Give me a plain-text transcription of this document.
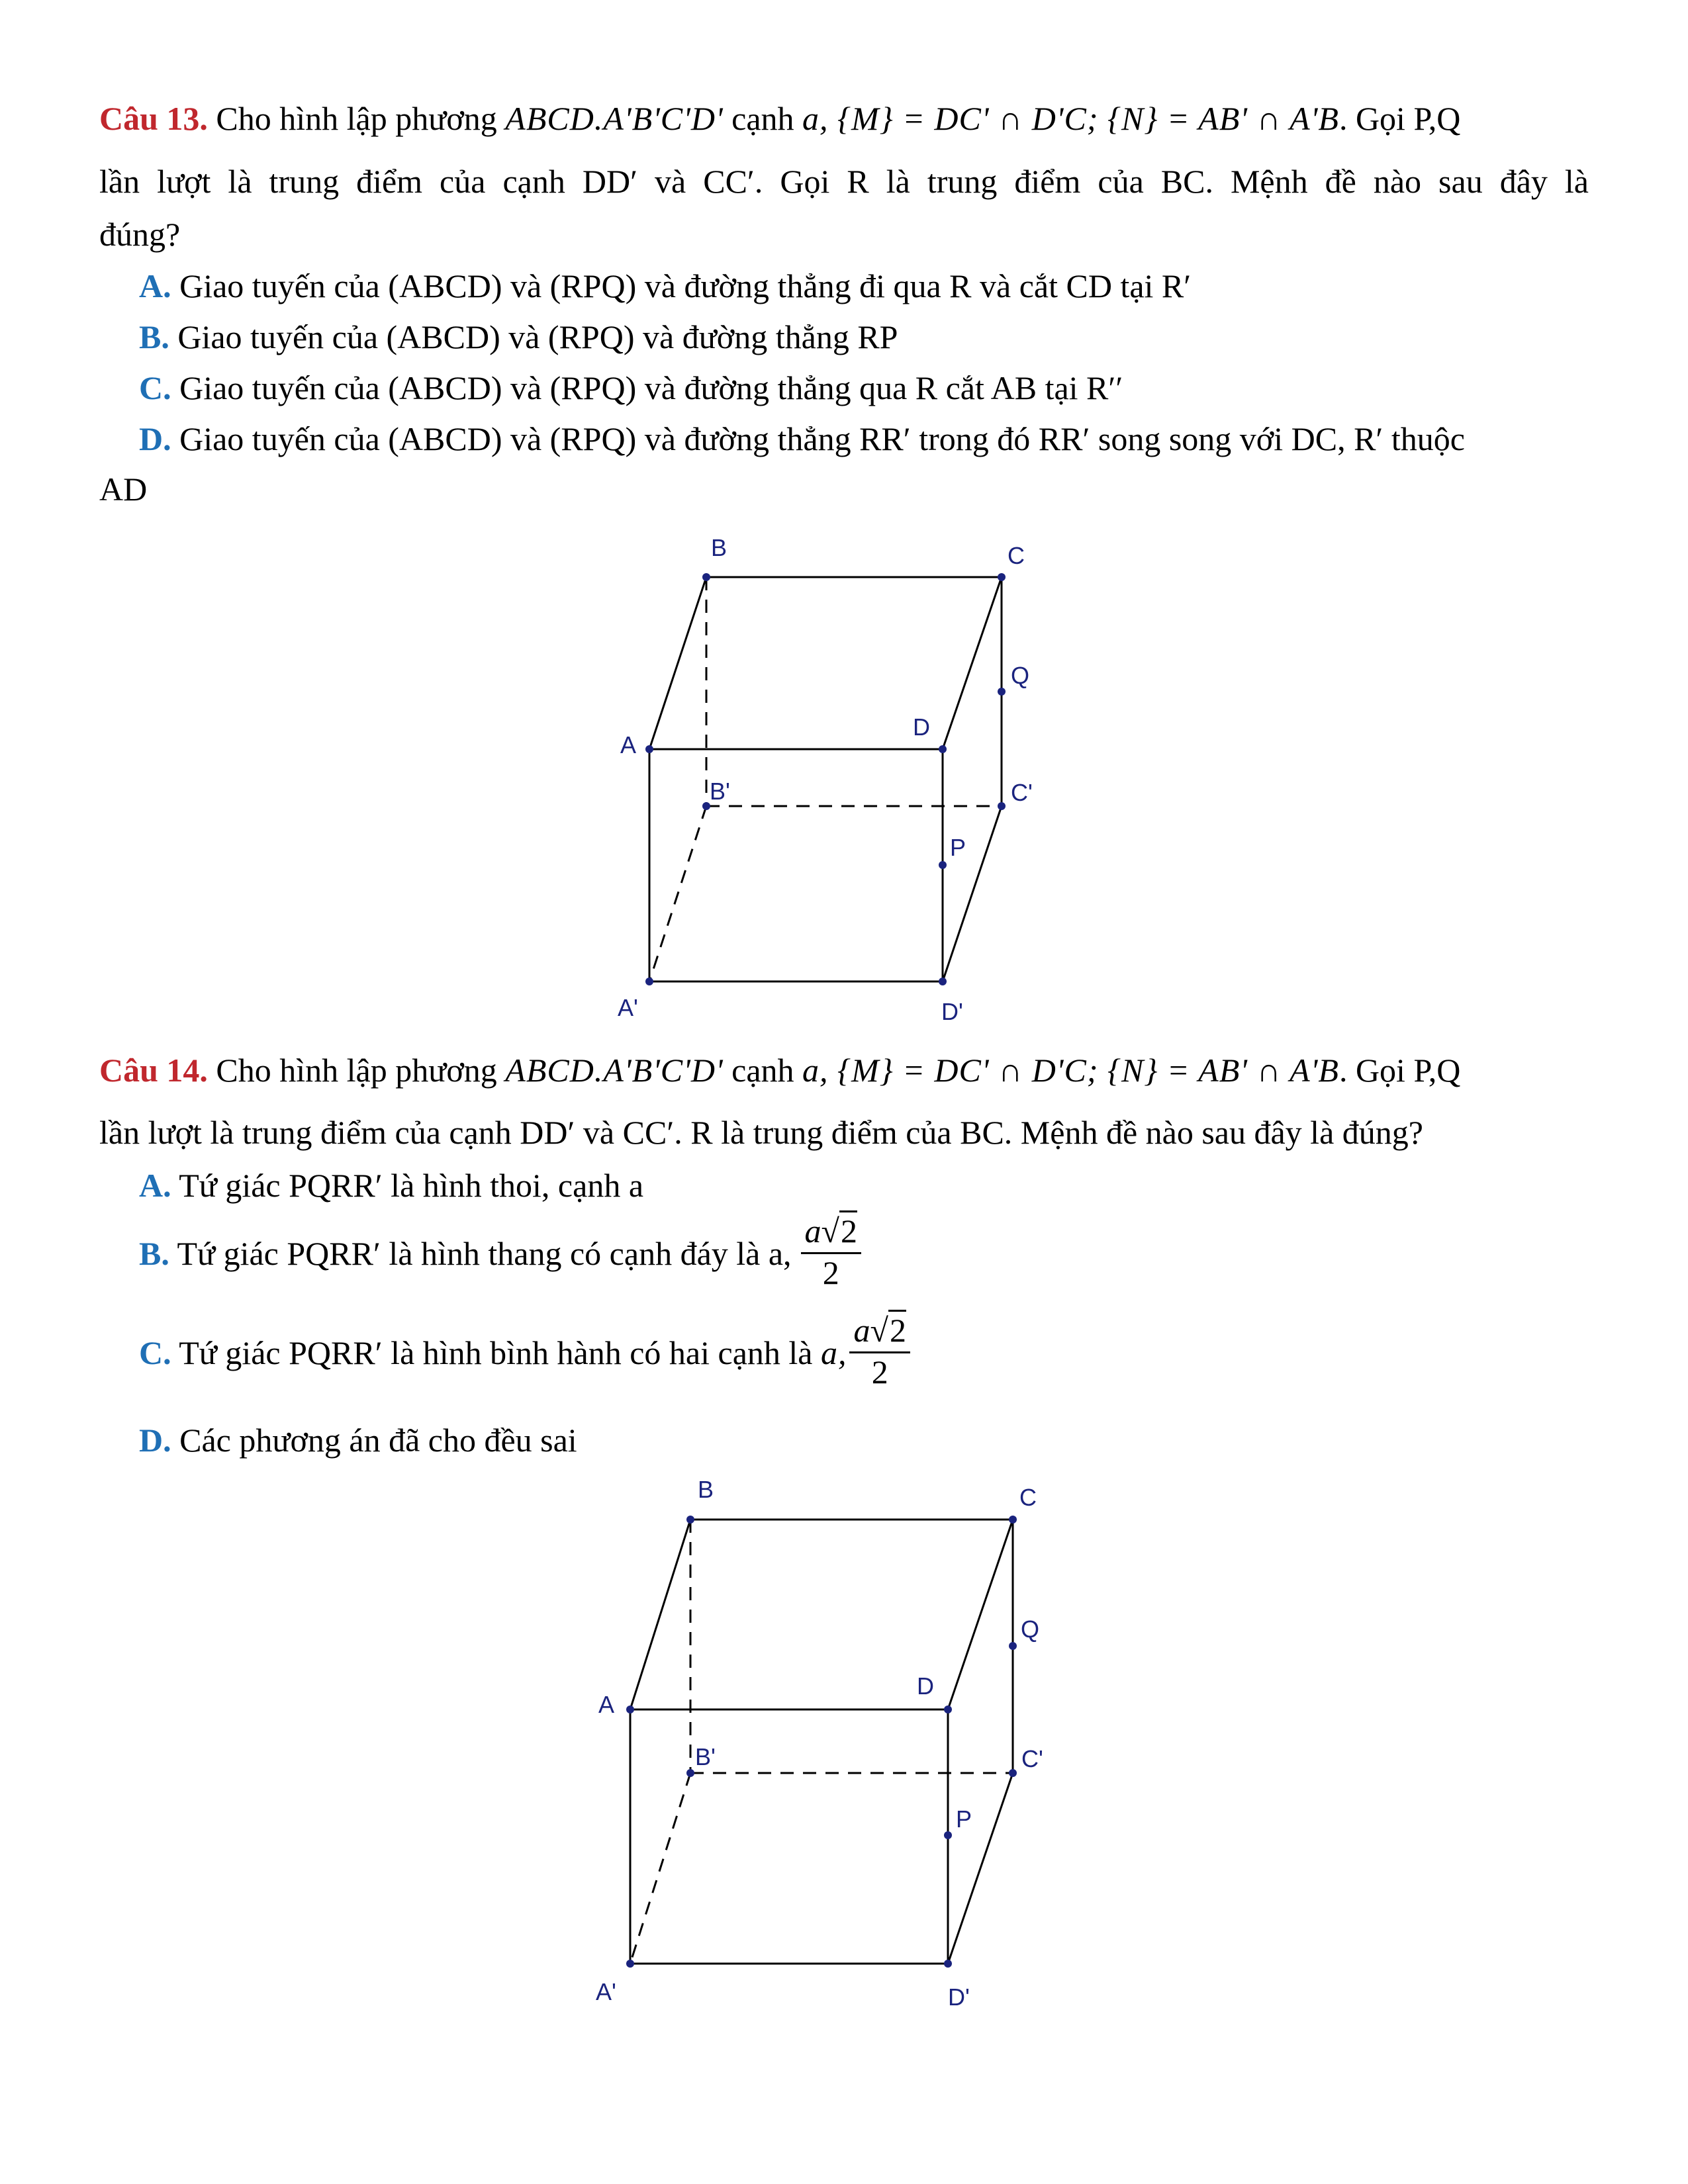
Câu 13. Cho hình lập phương ABCD.A'B'C'D' cạnh a, {M} = DC' ∩ D'C; {N} = AB' ∩ A'B. Gọi P,Q
lần lượt là trung điểm của cạnh DD′ và CC′. Gọi R là trung điểm của BC. Mệnh đề nào sau đây là
đúng?
A. Giao tuyến của (ABCD) và (RPQ) và đường thẳng đi qua R và cắt CD tại R′
B. Giao tuyến của (ABCD) và (RPQ) và đường thẳng RP
C. Giao tuyến của (ABCD) và (RPQ) và đường thẳng qua R cắt AB tại R′′
D. Giao tuyến của (ABCD) và (RPQ) và đường thẳng RR′ trong đó RR′ song song với DC, R′ thuộc
AD
B	C
Q
A
D
B'	C'
P
A'	D'
Câu 14. Cho hình lập phương ABCD.A'B'C'D' cạnh a, {M} = DC' ∩ D'C; {N} = AB' ∩ A'B. Gọi P,Q
lần lượt là trung điểm của cạnh DD′ và CC′. R là trung điểm của BC. Mệnh đề nào sau đây là đúng?
A. Tứ giác PQRR′ là hình thoi, cạnh a
B. Tứ giác PQRR′ là hình thang có cạnh đáy là a, $\frac{a√2}{2}$
C. Tứ giác PQRR′ là hình bình hành có hai cạnh là a, $\frac{a√2}{2}$
D. Các phương án đã cho đều sai
B	C
Q
A
D
B'	C'
P
A'	D'
